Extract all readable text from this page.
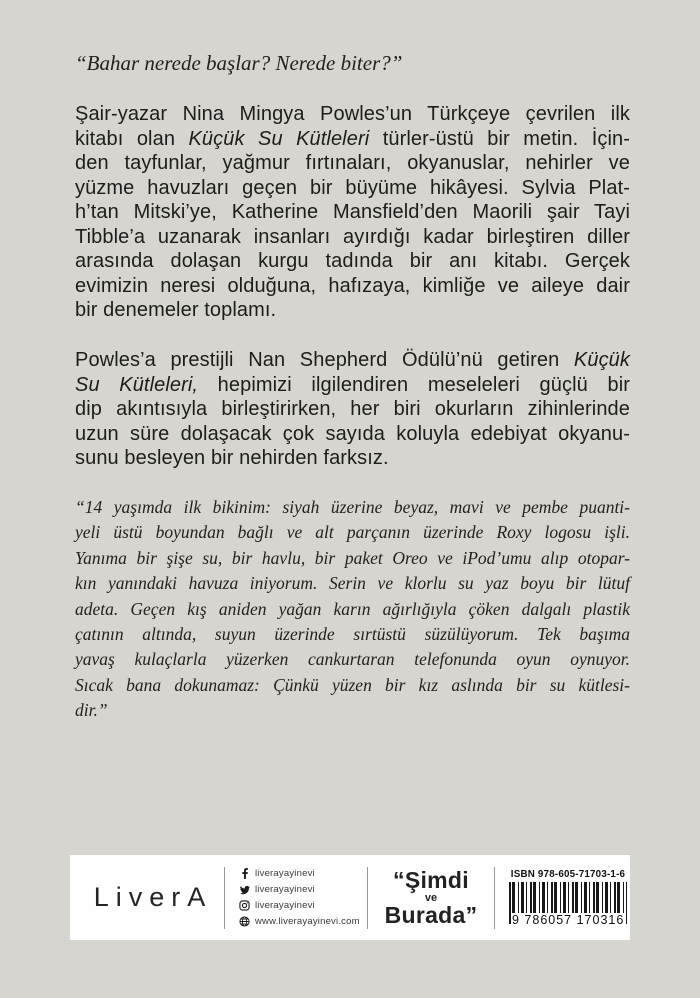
“Bahar nerede başlar? Nerede biter?”
Şair-yazar Nina Mingya Powles’un Türkçeye çevrilen ilk
kitabı olan Küçük Su Kütleleri türler-üstü bir metin. İçin-
den tayfunlar, yağmur fırtınaları, okyanuslar, nehirler ve
yüzme havuzları geçen bir büyüme hikâyesi. Sylvia Plat-
h’tan Mitski’ye, Katherine Mansfield’den Maorili şair Tayi
Tibble’a uzanarak insanları ayırdığı kadar birleştiren diller
arasında dolaşan kurgu tadında bir anı kitabı. Gerçek
evimizin neresi olduğuna, hafızaya, kimliğe ve aileye dair
bir denemeler toplamı.
Powles’a prestijli Nan Shepherd Ödülü’nü getiren Küçük
Su Kütleleri, hepimizi ilgilendiren meseleleri güçlü bir
dip akıntısıyla birleştirirken, her biri okurların zihinlerinde
uzun süre dolaşacak çok sayıda koluyla edebiyat okyanu-
sunu besleyen bir nehirden farksız.
“14 yaşımda ilk bikinim: siyah üzerine beyaz, mavi ve pembe puanti-
yeli üstü boyundan bağlı ve alt parçanın üzerinde Roxy logosu işli.
Yanıma bir şişe su, bir havlu, bir paket Oreo ve iPod’umu alıp otopar-
kın yanındaki havuza iniyorum. Serin ve klorlu su yaz boyu bir lütuf
adeta. Geçen kış aniden yağan karın ağırlığıyla çöken dalgalı plastik
çatının altında, suyun üzerinde sırtüstü süzülüyorum. Tek başıma
yavaş kulaçlarla yüzerken cankurtaran telefonunda oyun oynuyor.
Sıcak bana dokunamaz: Çünkü yüzen bir kız aslında bir su kütlesi-
dir.”
LiverA
liverayayinevi
liverayayinevi
liverayayinevi
www.liverayayinevi.com
“Şimdi
ve
Burada”
ISBN 978-605-71703-1-6
9 786057 170316
